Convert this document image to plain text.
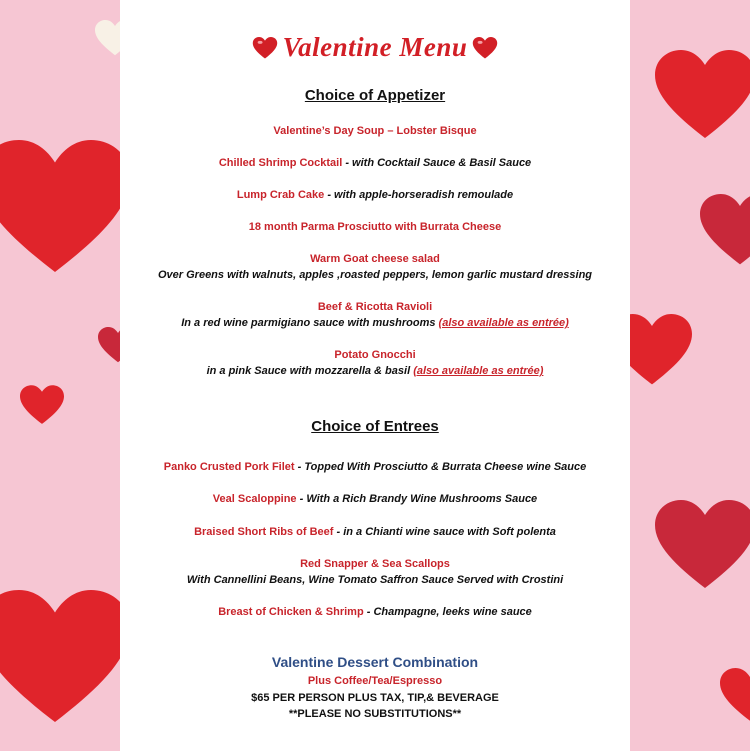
Valentine Menu
Choice of Appetizer
Valentine’s Day Soup – Lobster Bisque
Chilled Shrimp Cocktail - with Cocktail Sauce & Basil Sauce
Lump Crab Cake - with apple-horseradish remoulade
18 month Parma Prosciutto with Burrata Cheese
Warm Goat cheese salad
Over Greens with walnuts, apples ,roasted peppers, lemon garlic mustard dressing
Beef & Ricotta Ravioli
In a red wine parmigiano sauce with mushrooms (also available as entrée)
Potato Gnocchi
in a pink Sauce with mozzarella & basil (also available as entrée)
Choice of Entrees
Panko Crusted Pork Filet - Topped With Prosciutto & Burrata Cheese wine Sauce
Veal Scaloppine - With a Rich Brandy Wine Mushrooms Sauce
Braised Short Ribs of Beef - in a Chianti wine sauce with Soft polenta
Red Snapper & Sea Scallops
With Cannellini Beans, Wine Tomato Saffron Sauce Served with Crostini
Breast of Chicken & Shrimp - Champagne, leeks wine sauce
Valentine Dessert Combination
Plus Coffee/Tea/Espresso
$65 PER PERSON PLUS TAX, TIP,& BEVERAGE
**PLEASE NO SUBSTITUTIONS**
